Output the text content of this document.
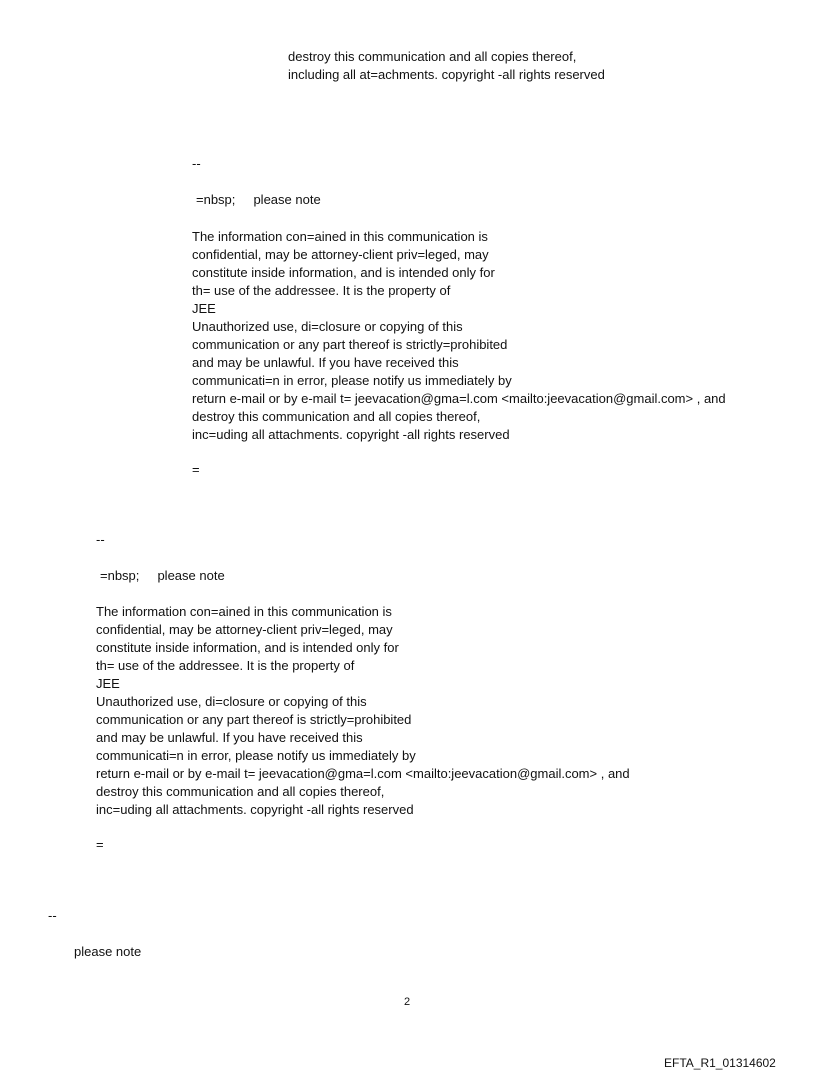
destroy this communication and all copies thereof,
including all at=achments. copyright -all rights reserved
--
=nbsp;     please note
The information con=ained in this communication is
confidential, may be attorney-client priv=leged, may
constitute inside information, and is intended only for
th= use of the addressee. It is the property of
JEE
Unauthorized use, di=closure or copying of this
communication or any part thereof is strictly=prohibited
and may be unlawful. If you have received this
communicati=n in error, please notify us immediately by
return e-mail or by e-mail t= jeevacation@gma=l.com <mailto:jeevacation@gmail.com> , and
destroy this communication and all copies thereof,
inc=uding all attachments. copyright -all rights reserved
=
--
=nbsp;     please note
The information con=ained in this communication is
confidential, may be attorney-client priv=leged, may
constitute inside information, and is intended only for
th= use of the addressee. It is the property of
JEE
Unauthorized use, di=closure or copying of this
communication or any part thereof is strictly=prohibited
and may be unlawful. If you have received this
communicati=n in error, please notify us immediately by
return e-mail or by e-mail t= jeevacation@gma=l.com <mailto:jeevacation@gmail.com> , and
destroy this communication and all copies thereof,
inc=uding all attachments. copyright -all rights reserved
=
--
please note
2
EFTA_R1_01314602
